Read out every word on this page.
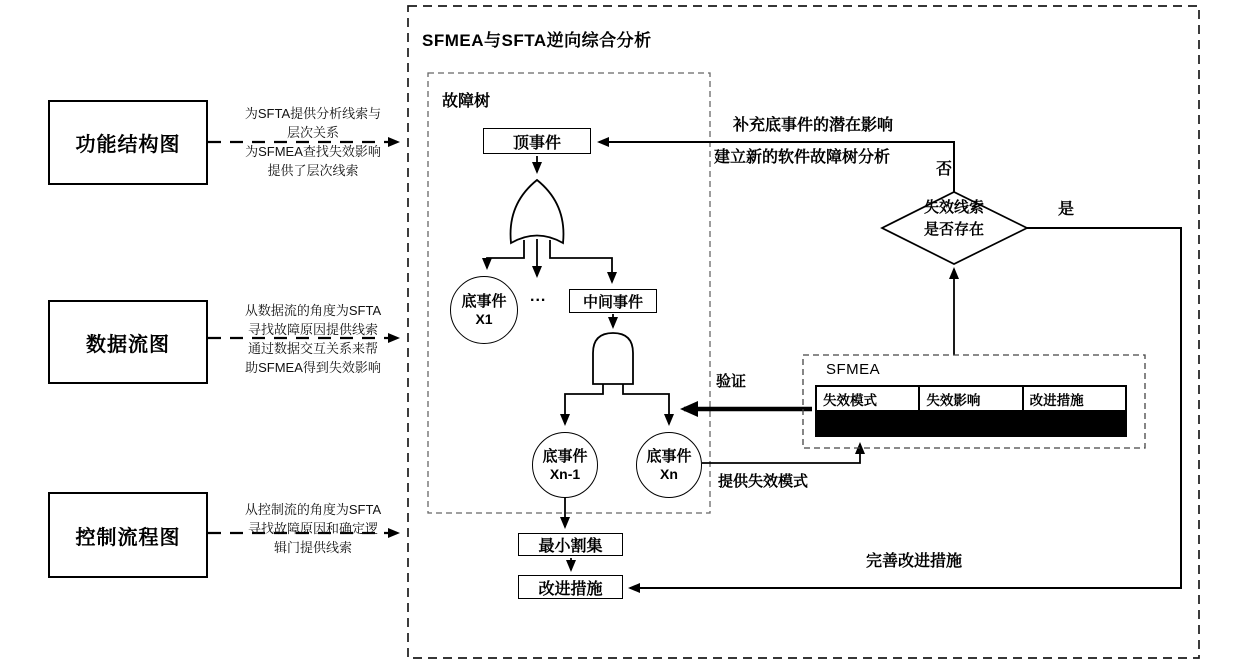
SFMEA与SFTA逆向综合分析
功能结构图
数据流图
控制流程图
为SFTA提供分析线索与
层次关系
为SFMEA查找失效影响
提供了层次线索
从数据流的角度为SFTA
寻找故障原因提供线索
通过数据交互关系来帮
助SFMEA得到失效影响
从控制流的角度为SFTA
寻找故障原因和确定逻
辑门提供线索
故障树
顶事件
底事件
X1
... 中间事件
底事件
Xn-1
底事件
Xn
最小割集
改进措施
失效线索
是否存在
是
否
补充底事件的潜在影响
建立新的软件故障树分析
SFMEA
失效模式	失效影响	改进措施

验证
提供失效模式
完善改进措施
